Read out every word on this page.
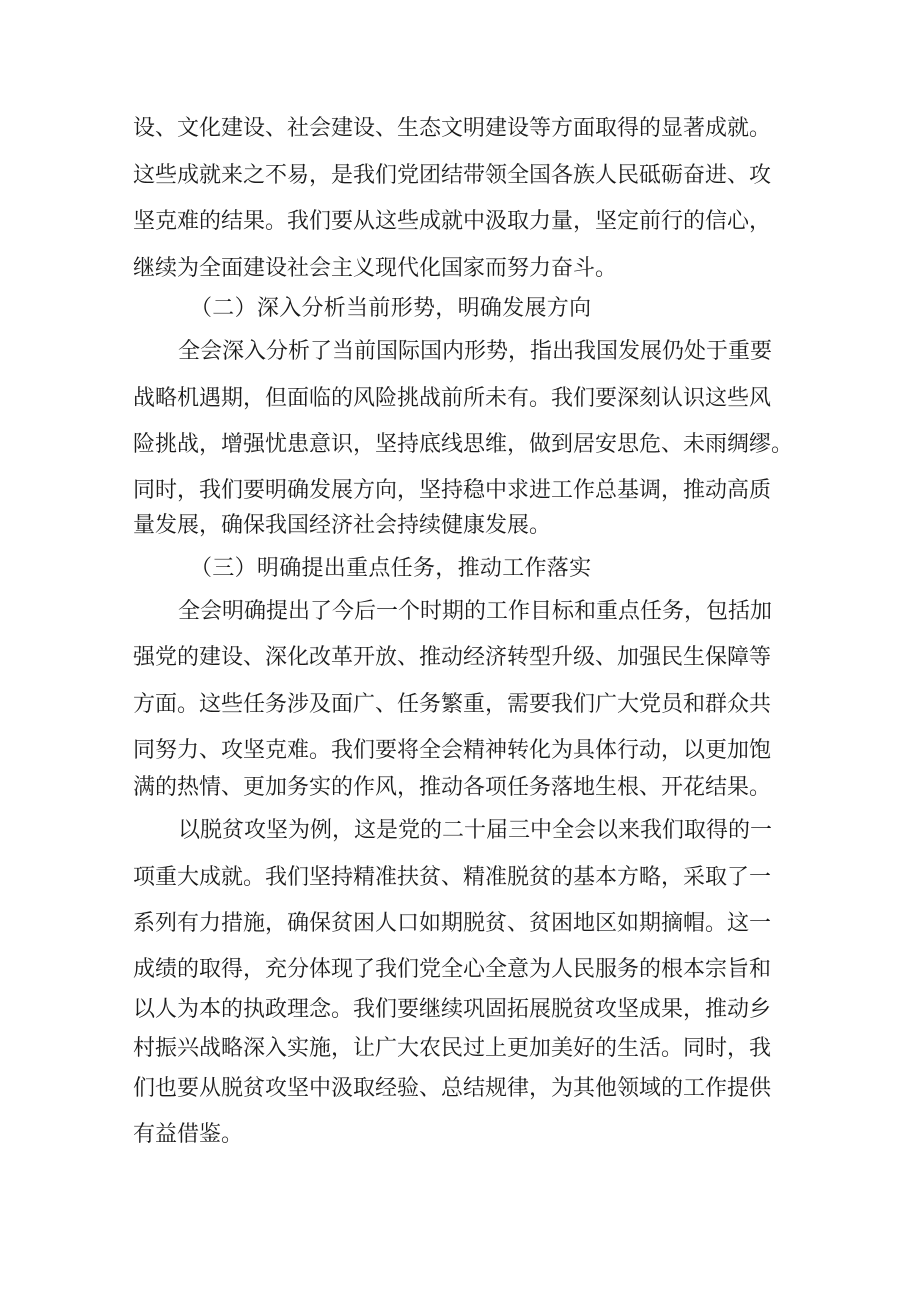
设、文化建设、社会建设、生态文明建设等方面取得的显著成就。
这些成就来之不易，是我们党团结带领全国各族人民砥砺奋进、攻
坚克难的结果。我们要从这些成就中汲取力量，坚定前行的信心，
继续为全面建设社会主义现代化国家而努力奋斗。
（二）深入分析当前形势，明确发展方向
全会深入分析了当前国际国内形势，指出我国发展仍处于重要
战略机遇期，但面临的风险挑战前所未有。我们要深刻认识这些风
险挑战，增强忧患意识，坚持底线思维，做到居安思危、未雨绸缪。
同时，我们要明确发展方向，坚持稳中求进工作总基调，推动高质
量发展，确保我国经济社会持续健康发展。
（三）明确提出重点任务，推动工作落实
全会明确提出了今后一个时期的工作目标和重点任务，包括加
强党的建设、深化改革开放、推动经济转型升级、加强民生保障等
方面。这些任务涉及面广、任务繁重，需要我们广大党员和群众共
同努力、攻坚克难。我们要将全会精神转化为具体行动，以更加饱
满的热情、更加务实的作风，推动各项任务落地生根、开花结果。
以脱贫攻坚为例，这是党的二十届三中全会以来我们取得的一
项重大成就。我们坚持精准扶贫、精准脱贫的基本方略，采取了一
系列有力措施，确保贫困人口如期脱贫、贫困地区如期摘帽。这一
成绩的取得，充分体现了我们党全心全意为人民服务的根本宗旨和
以人为本的执政理念。我们要继续巩固拓展脱贫攻坚成果，推动乡
村振兴战略深入实施，让广大农民过上更加美好的生活。同时，我
们也要从脱贫攻坚中汲取经验、总结规律，为其他领域的工作提供
有益借鉴。
